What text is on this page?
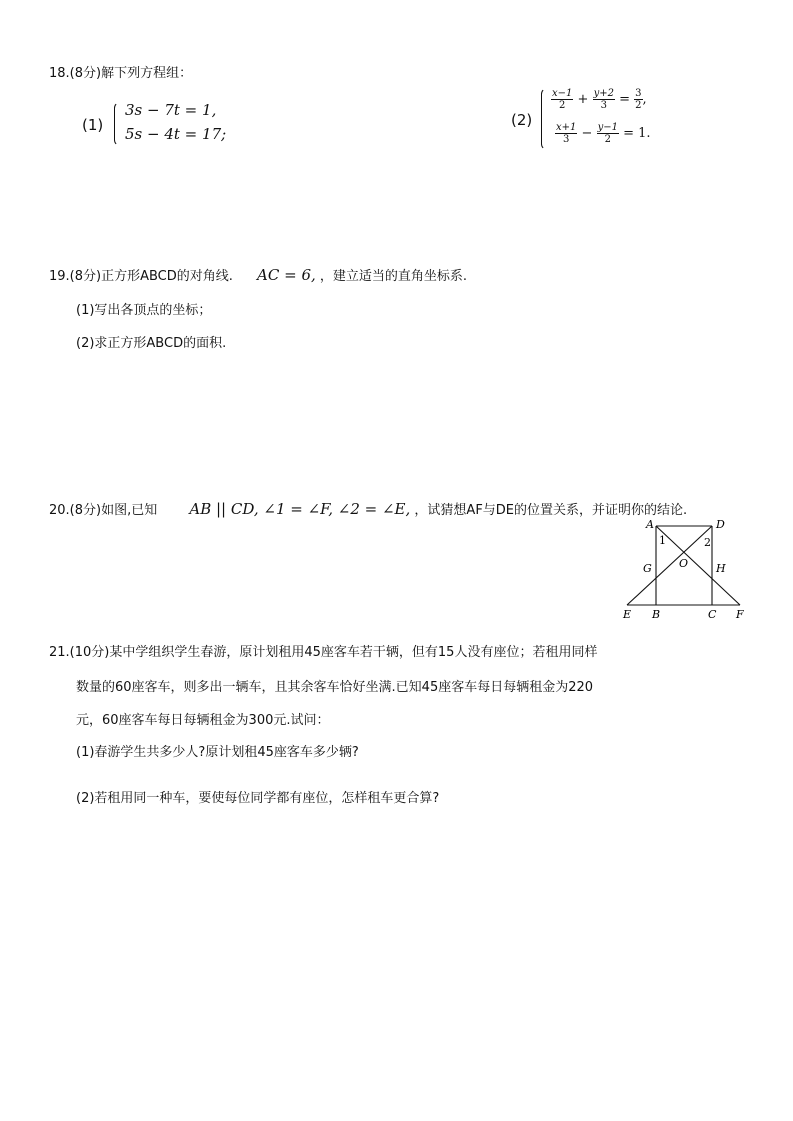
18.(8分)解下列方程组：
(1)
3s − 7t = 1,
5s − 4t = 17;
(2)
$\frac{x-1}{2} + \frac{y+2}{3} = \frac{3}{2}$ ,
$\frac{x+1}{3} - \frac{y-1}{2} = 1$.
19.(8分)正方形ABCD的对角线. AC = 6, ，建立适当的直角坐标系.
(1)写出各顶点的坐标；
(2)求正方形ABCD的面积.
20.(8分)如图,已知 AB || CD, ∠1 = ∠F, ∠2 = ∠E, ，试猜想AF与DE的位置关系，并证明你的结论.
A	D
1	2
G O	H
E B	C F
21.(10分)某中学组织学生春游，原计划租用45座客车若干辆，但有15人没有座位；若租用同样
数量的60座客车，则多出一辆车，且其余客车恰好坐满.已知45座客车每日每辆租金为220
元，60座客车每日每辆租金为300元.试问：
(1)春游学生共多少人?原计划租45座客车多少辆?
(2)若租用同一种车，要使每位同学都有座位，怎样租车更合算?
